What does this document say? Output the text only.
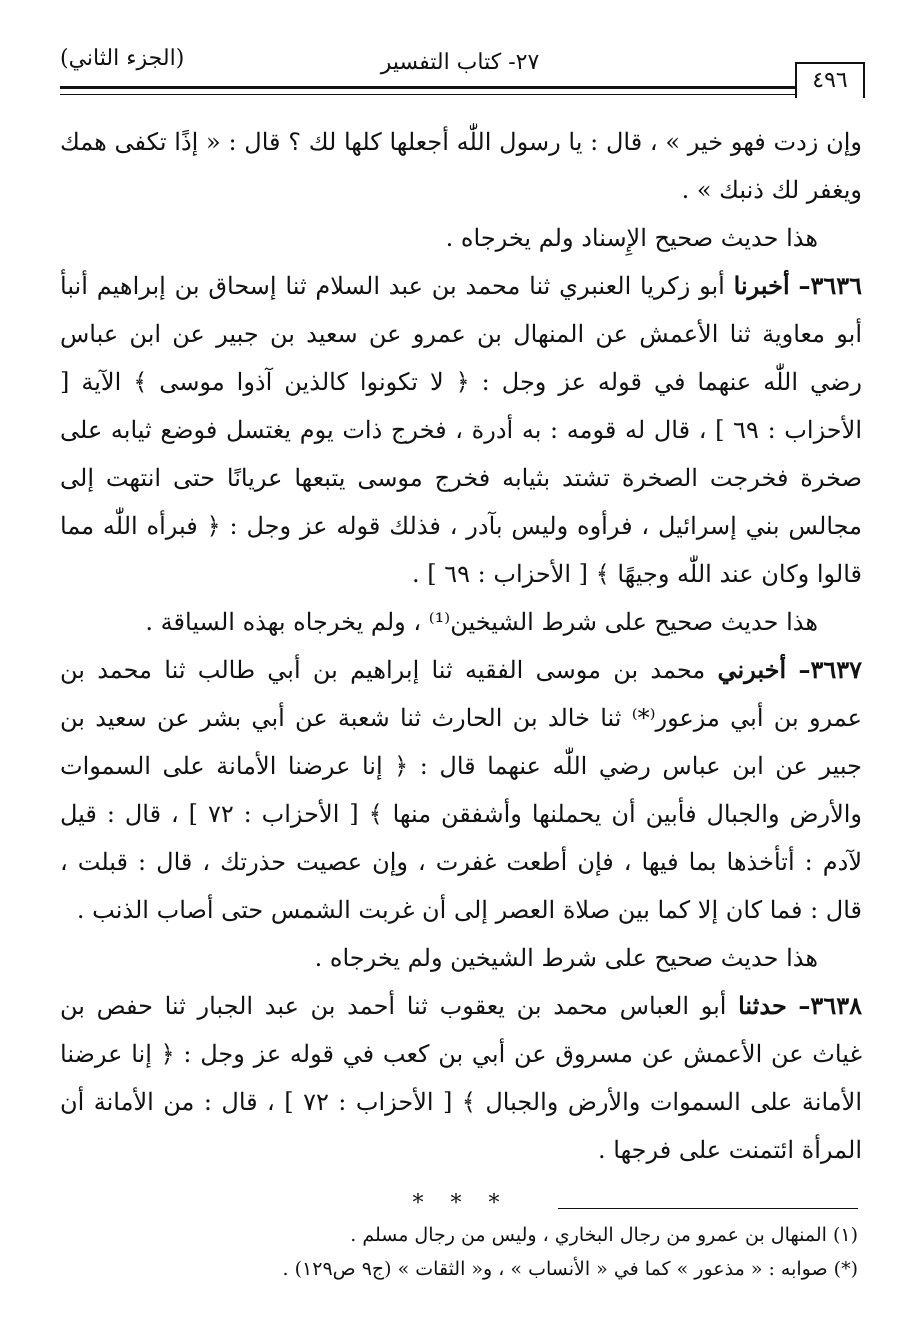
٢٧- كتاب التفسير
(الجزء الثاني)
٤٩٦

وإن زدت فهو خير » ، قال : يا رسول اللّٰه أجعلها كلها لك ؟ قال : « إذًا تكفى همك ويغفر لك ذنبك » .

هذا حديث صحيح الإِسناد ولم يخرجاه .

٣٦٣٦– أخبرنا أبو زكريا العنبري ثنا محمد بن عبد السلام ثنا إسحاق بن إبراهيم أنبأ أبو معاوية ثنا الأعمش عن المنهال بن عمرو عن سعيد بن جبير عن ابن عباس رضي اللّٰه عنهما في قوله عز وجل : ﴿ لا تكونوا كالذين آذوا موسى ﴾ الآية [ الأحزاب : ٦٩ ] ، قال له قومه : به أدرة ، فخرج ذات يوم يغتسل فوضع ثيابه على صخرة فخرجت الصخرة تشتد بثيابه فخرج موسى يتبعها عريانًا حتى انتهت إلى مجالس بني إسرائيل ، فرأوه وليس بآدر ، فذلك قوله عز وجل : ﴿ فبرأه اللّٰه مما قالوا وكان عند اللّٰه وجيهًا ﴾ [ الأحزاب : ٦٩ ] .

هذا حديث صحيح على شرط الشيخين⁽¹⁾ ، ولم يخرجاه بهذه السياقة .

٣٦٣٧– أخبرني محمد بن موسى الفقيه ثنا إبراهيم بن أبي طالب ثنا محمد بن عمرو بن أبي مزعور⁽*⁾ ثنا خالد بن الحارث ثنا شعبة عن أبي بشر عن سعيد بن جبير عن ابن عباس رضي اللّٰه عنهما قال : ﴿ إنا عرضنا الأمانة على السموات والأرض والجبال فأبين أن يحملنها وأشفقن منها ﴾ [ الأحزاب : ٧٢ ] ، قال : قيل لآدم : أتأخذها بما فيها ، فإن أطعت غفرت ، وإن عصيت حذرتك ، قال : قبلت ، قال : فما كان إلا كما بين صلاة العصر إلى أن غربت الشمس حتى أصاب الذنب .

هذا حديث صحيح على شرط الشيخين ولم يخرجاه .

٣٦٣٨– حدثنا أبو العباس محمد بن يعقوب ثنا أحمد بن عبد الجبار ثنا حفص بن غياث عن الأعمش عن مسروق عن أبي بن كعب في قوله عز وجل : ﴿ إنا عرضنا الأمانة على السموات والأرض والجبال ﴾ [ الأحزاب : ٧٢ ] ، قال : من الأمانة أن المرأة ائتمنت على فرجها .

* * *

(١) المنهال بن عمرو من رجال البخاري ، وليس من رجال مسلم .

(*) صوابه : « مذعور » كما في « الأنساب » ، و« الثقات » (ج٩ ص١٢٩) .
